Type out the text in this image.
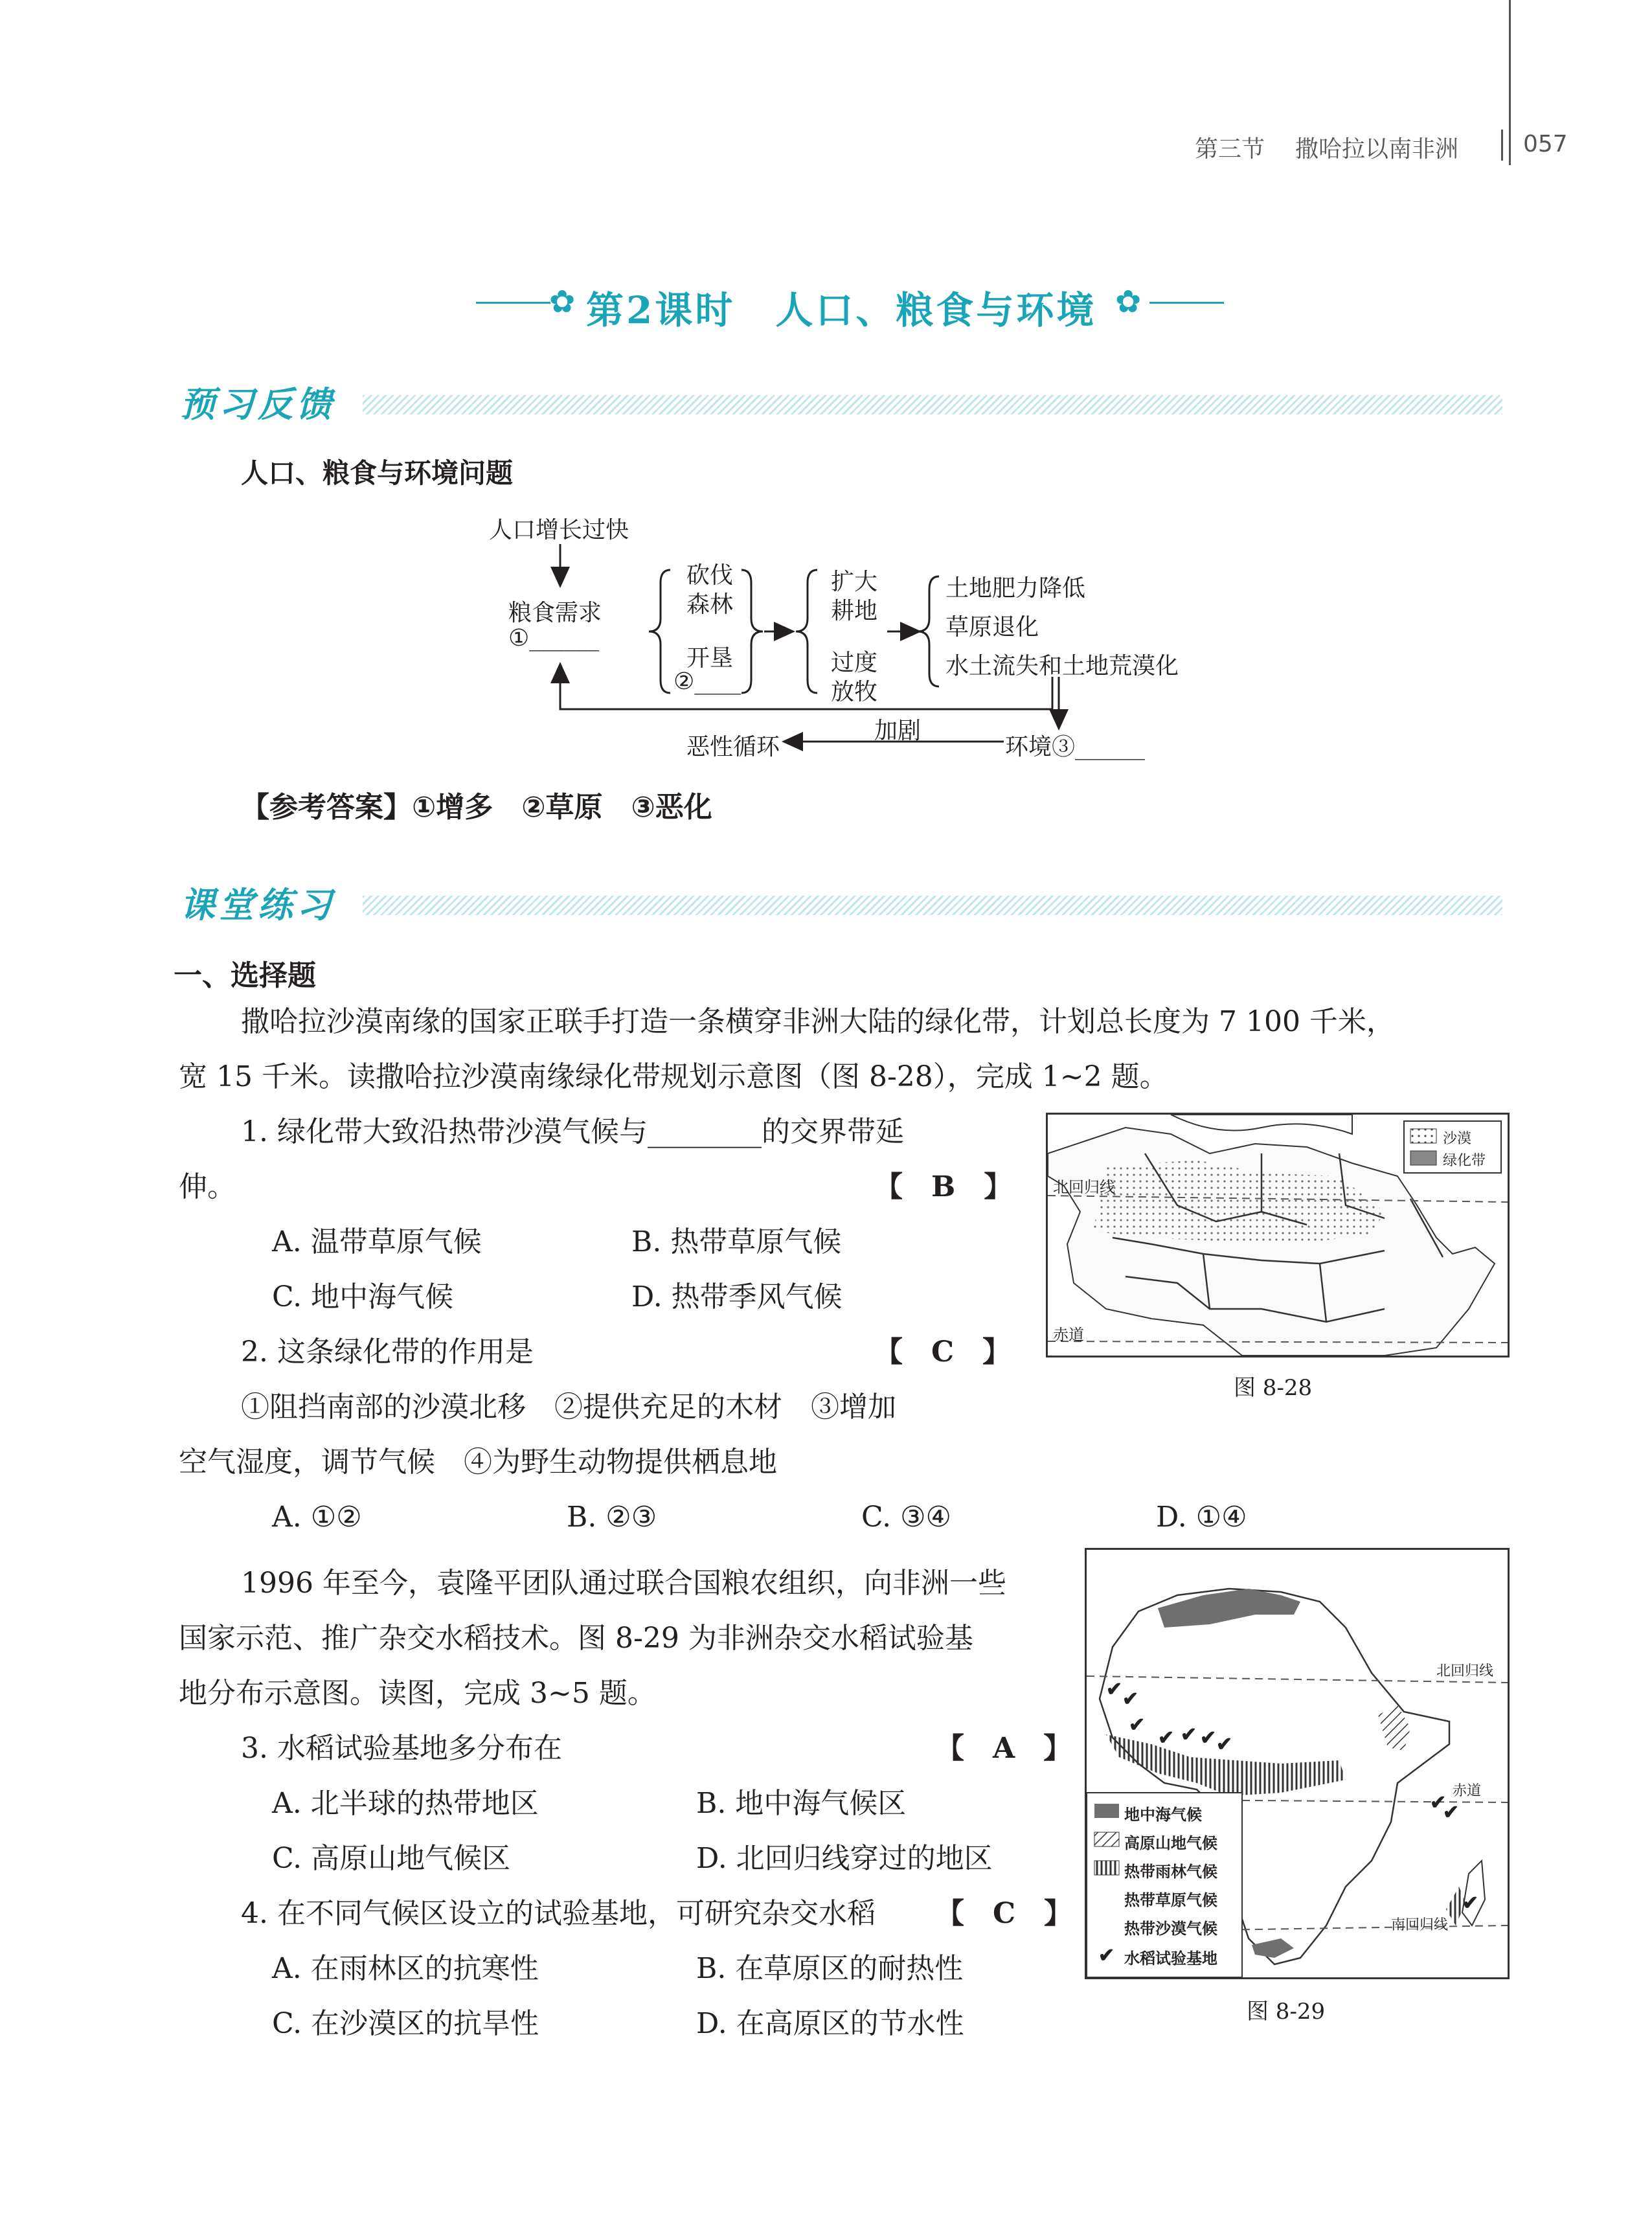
第三节 撒哈拉以南非洲	057
✿ 第2课时　人口、粮食与环境 ✿
预习反馈
人口、粮食与环境问题
人口增长过快
粮食需求
①______
砍伐
森林
开垦
②____
扩大
耕地
过度
放牧
土地肥力降低
草原退化
水土流失和土地荒漠化
恶性循环
加剧
环境③______
【参考答案】①增多　②草原　③恶化
课堂练习
一、选择题
撒哈拉沙漠南缘的国家正联手打造一条横穿非洲大陆的绿化带，计划总长度为 7 100 千米，
宽 15 千米。读撒哈拉沙漠南缘绿化带规划示意图（图 8-28），完成 1~2 题。
1. 绿化带大致沿热带沙漠气候与________的交界带延
伸。	【　B　】
A. 温带草原气候	B. 热带草原气候
C. 地中海气候	D. 热带季风气候
2. 这条绿化带的作用是	【　C　】
①阻挡南部的沙漠北移　②提供充足的木材　③增加
空气湿度，调节气候　④为野生动物提供栖息地
A. ①②	B. ②③	C. ③④	D. ①④
1996 年至今，袁隆平团队通过联合国粮农组织，向非洲一些
国家示范、推广杂交水稻技术。图 8-29 为非洲杂交水稻试验基
地分布示意图。读图，完成 3~5 题。
3. 水稻试验基地多分布在	【　A　】
A. 北半球的热带地区	B. 地中海气候区
C. 高原山地气候区	D. 北回归线穿过的地区
4. 在不同气候区设立的试验基地，可研究杂交水稻 【　C　】
A. 在雨林区的抗寒性	B. 在草原区的耐热性
C. 在沙漠区的抗旱性	D. 在高原区的节水性
沙漠
绿化带
北回归线
赤道
图 8-28
✔ ✔
✔
✔ ✔ ✔ ✔
✔
✔
✔
✔
北回归线
赤道
南回归线
地中海气候
高原山地气候
热带雨林气候
热带草原气候
热带沙漠气候
水稻试验基地
图 8-29
